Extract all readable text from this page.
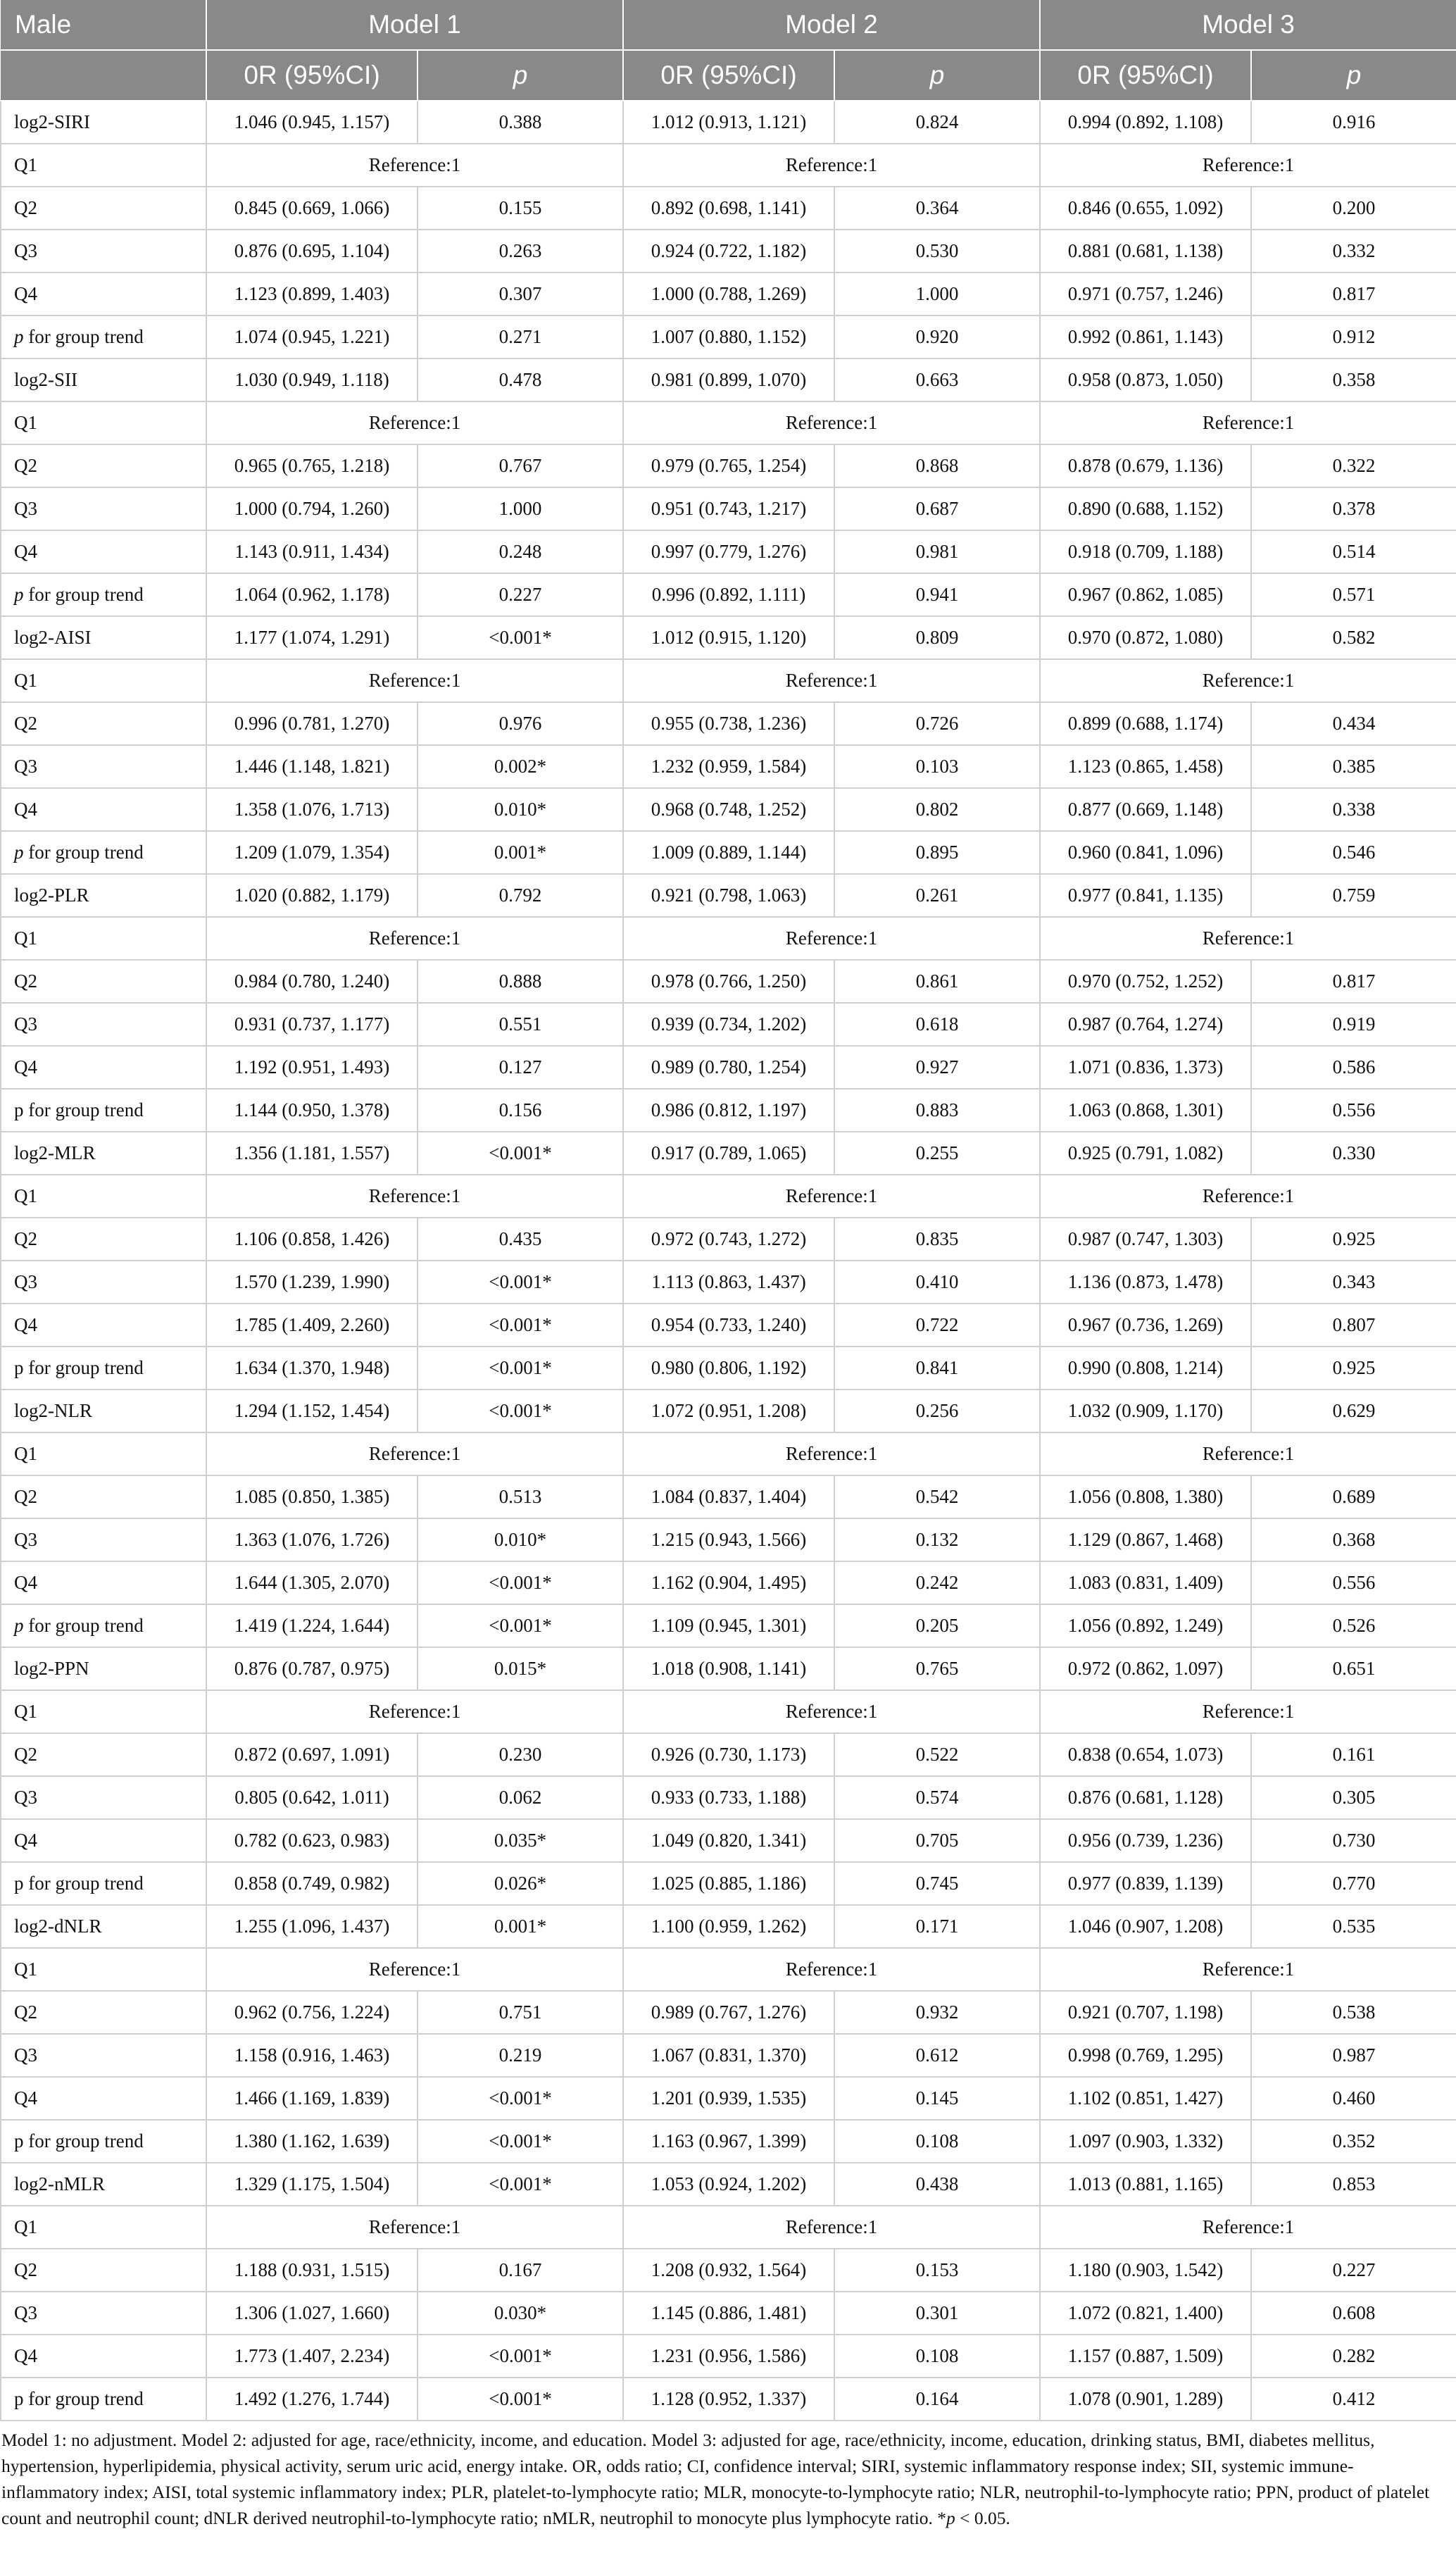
Male	Model 1		Model 2		Model 3	
	0R (95%CI)	p	0R (95%CI)	p	0R (95%CI)	p
log2-SIRI	1.046 (0.945, 1.157)	0.388	1.012 (0.913, 1.121)	0.824	0.994 (0.892, 1.108)	0.916
Q1	Reference:1		Reference:1		Reference:1	
Q2	0.845 (0.669, 1.066)	0.155	0.892 (0.698, 1.141)	0.364	0.846 (0.655, 1.092)	0.200
Q3	0.876 (0.695, 1.104)	0.263	0.924 (0.722, 1.182)	0.530	0.881 (0.681, 1.138)	0.332
Q4	1.123 (0.899, 1.403)	0.307	1.000 (0.788, 1.269)	1.000	0.971 (0.757, 1.246)	0.817
p for group trend	1.074 (0.945, 1.221)	0.271	1.007 (0.880, 1.152)	0.920	0.992 (0.861, 1.143)	0.912
log2-SII	1.030 (0.949, 1.118)	0.478	0.981 (0.899, 1.070)	0.663	0.958 (0.873, 1.050)	0.358
Q1	Reference:1		Reference:1		Reference:1	
Q2	0.965 (0.765, 1.218)	0.767	0.979 (0.765, 1.254)	0.868	0.878 (0.679, 1.136)	0.322
Q3	1.000 (0.794, 1.260)	1.000	0.951 (0.743, 1.217)	0.687	0.890 (0.688, 1.152)	0.378
Q4	1.143 (0.911, 1.434)	0.248	0.997 (0.779, 1.276)	0.981	0.918 (0.709, 1.188)	0.514
p for group trend	1.064 (0.962, 1.178)	0.227	0.996 (0.892, 1.111)	0.941	0.967 (0.862, 1.085)	0.571
log2-AISI	1.177 (1.074, 1.291)	<0.001*	1.012 (0.915, 1.120)	0.809	0.970 (0.872, 1.080)	0.582
Q1	Reference:1		Reference:1		Reference:1	
Q2	0.996 (0.781, 1.270)	0.976	0.955 (0.738, 1.236)	0.726	0.899 (0.688, 1.174)	0.434
Q3	1.446 (1.148, 1.821)	0.002*	1.232 (0.959, 1.584)	0.103	1.123 (0.865, 1.458)	0.385
Q4	1.358 (1.076, 1.713)	0.010*	0.968 (0.748, 1.252)	0.802	0.877 (0.669, 1.148)	0.338
p for group trend	1.209 (1.079, 1.354)	0.001*	1.009 (0.889, 1.144)	0.895	0.960 (0.841, 1.096)	0.546
log2-PLR	1.020 (0.882, 1.179)	0.792	0.921 (0.798, 1.063)	0.261	0.977 (0.841, 1.135)	0.759
Q1	Reference:1		Reference:1		Reference:1	
Q2	0.984 (0.780, 1.240)	0.888	0.978 (0.766, 1.250)	0.861	0.970 (0.752, 1.252)	0.817
Q3	0.931 (0.737, 1.177)	0.551	0.939 (0.734, 1.202)	0.618	0.987 (0.764, 1.274)	0.919
Q4	1.192 (0.951, 1.493)	0.127	0.989 (0.780, 1.254)	0.927	1.071 (0.836, 1.373)	0.586
p for group trend	1.144 (0.950, 1.378)	0.156	0.986 (0.812, 1.197)	0.883	1.063 (0.868, 1.301)	0.556
log2-MLR	1.356 (1.181, 1.557)	<0.001*	0.917 (0.789, 1.065)	0.255	0.925 (0.791, 1.082)	0.330
Q1	Reference:1		Reference:1		Reference:1	
Q2	1.106 (0.858, 1.426)	0.435	0.972 (0.743, 1.272)	0.835	0.987 (0.747, 1.303)	0.925
Q3	1.570 (1.239, 1.990)	<0.001*	1.113 (0.863, 1.437)	0.410	1.136 (0.873, 1.478)	0.343
Q4	1.785 (1.409, 2.260)	<0.001*	0.954 (0.733, 1.240)	0.722	0.967 (0.736, 1.269)	0.807
p for group trend	1.634 (1.370, 1.948)	<0.001*	0.980 (0.806, 1.192)	0.841	0.990 (0.808, 1.214)	0.925
log2-NLR	1.294 (1.152, 1.454)	<0.001*	1.072 (0.951, 1.208)	0.256	1.032 (0.909, 1.170)	0.629
Q1	Reference:1		Reference:1		Reference:1	
Q2	1.085 (0.850, 1.385)	0.513	1.084 (0.837, 1.404)	0.542	1.056 (0.808, 1.380)	0.689
Q3	1.363 (1.076, 1.726)	0.010*	1.215 (0.943, 1.566)	0.132	1.129 (0.867, 1.468)	0.368
Q4	1.644 (1.305, 2.070)	<0.001*	1.162 (0.904, 1.495)	0.242	1.083 (0.831, 1.409)	0.556
p for group trend	1.419 (1.224, 1.644)	<0.001*	1.109 (0.945, 1.301)	0.205	1.056 (0.892, 1.249)	0.526
log2-PPN	0.876 (0.787, 0.975)	0.015*	1.018 (0.908, 1.141)	0.765	0.972 (0.862, 1.097)	0.651
Q1	Reference:1		Reference:1		Reference:1	
Q2	0.872 (0.697, 1.091)	0.230	0.926 (0.730, 1.173)	0.522	0.838 (0.654, 1.073)	0.161
Q3	0.805 (0.642, 1.011)	0.062	0.933 (0.733, 1.188)	0.574	0.876 (0.681, 1.128)	0.305
Q4	0.782 (0.623, 0.983)	0.035*	1.049 (0.820, 1.341)	0.705	0.956 (0.739, 1.236)	0.730
p for group trend	0.858 (0.749, 0.982)	0.026*	1.025 (0.885, 1.186)	0.745	0.977 (0.839, 1.139)	0.770
log2-dNLR	1.255 (1.096, 1.437)	0.001*	1.100 (0.959, 1.262)	0.171	1.046 (0.907, 1.208)	0.535
Q1	Reference:1		Reference:1		Reference:1	
Q2	0.962 (0.756, 1.224)	0.751	0.989 (0.767, 1.276)	0.932	0.921 (0.707, 1.198)	0.538
Q3	1.158 (0.916, 1.463)	0.219	1.067 (0.831, 1.370)	0.612	0.998 (0.769, 1.295)	0.987
Q4	1.466 (1.169, 1.839)	<0.001*	1.201 (0.939, 1.535)	0.145	1.102 (0.851, 1.427)	0.460
p for group trend	1.380 (1.162, 1.639)	<0.001*	1.163 (0.967, 1.399)	0.108	1.097 (0.903, 1.332)	0.352
log2-nMLR	1.329 (1.175, 1.504)	<0.001*	1.053 (0.924, 1.202)	0.438	1.013 (0.881, 1.165)	0.853
Q1	Reference:1		Reference:1		Reference:1	
Q2	1.188 (0.931, 1.515)	0.167	1.208 (0.932, 1.564)	0.153	1.180 (0.903, 1.542)	0.227
Q3	1.306 (1.027, 1.660)	0.030*	1.145 (0.886, 1.481)	0.301	1.072 (0.821, 1.400)	0.608
Q4	1.773 (1.407, 2.234)	<0.001*	1.231 (0.956, 1.586)	0.108	1.157 (0.887, 1.509)	0.282
p for group trend	1.492 (1.276, 1.744)	<0.001*	1.128 (0.952, 1.337)	0.164	1.078 (0.901, 1.289)	0.412
Model 1: no adjustment. Model 2: adjusted for age, race/ethnicity, income, and education. Model 3: adjusted for age, race/ethnicity, income, education, drinking status, BMI, diabetes mellitus, hypertension, hyperlipidemia, physical activity, serum uric acid, energy intake. OR, odds ratio; CI, confidence interval; SIRI, systemic inflammatory response index; SII, systemic immune-inflammatory index; AISI, total systemic inflammatory index; PLR, platelet-to-lymphocyte ratio; MLR, monocyte-to-lymphocyte ratio; NLR, neutrophil-to-lymphocyte ratio; PPN, product of platelet count and neutrophil count; dNLR derived neutrophil-to-lymphocyte ratio; nMLR, neutrophil to monocyte plus lymphocyte ratio. *p < 0.05.
